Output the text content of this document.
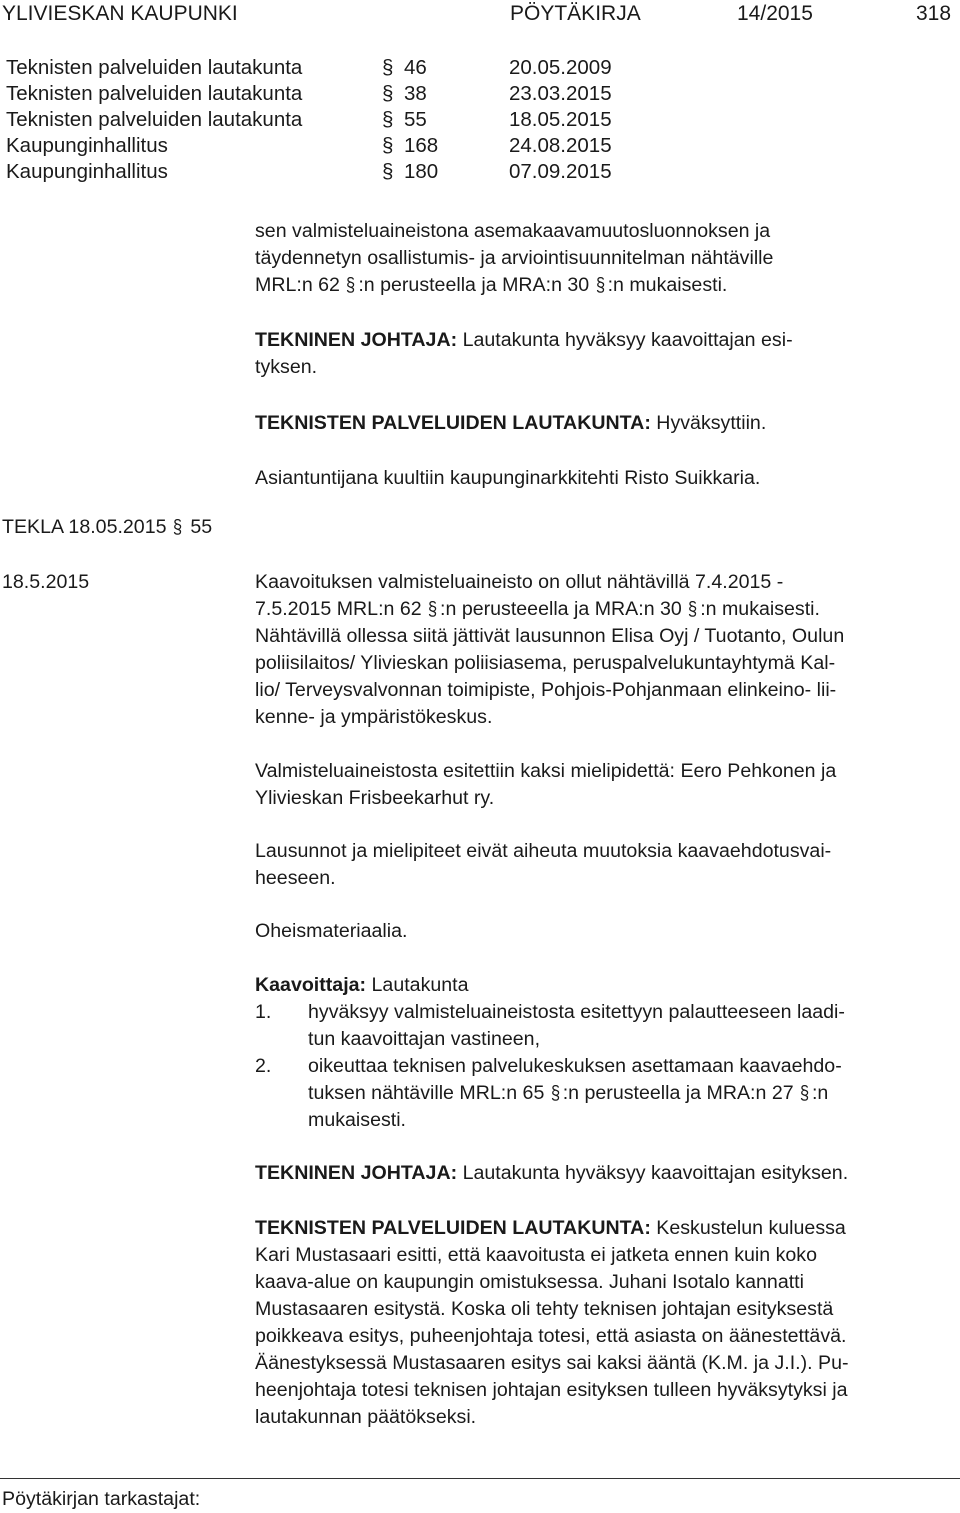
YLIVIESKAN KAUPUNKI	PÖYTÄKIRJA	14/2015	318
Teknisten palveluiden lautakunta	§ 46	20.05.2009
Teknisten palveluiden lautakunta	§ 38	23.03.2015
Teknisten palveluiden lautakunta	§ 55	18.05.2015
Kaupunginhallitus	§ 168	24.08.2015
Kaupunginhallitus	§ 180	07.09.2015
sen valmisteluaineistona asemakaavamuutosluonnoksen ja
täydennetyn osallistumis- ja arviointisuunnitelman nähtäville
MRL:n 62 § :n perusteella ja MRA:n 30 § :n mukaisesti.
TEKNINEN JOHTAJA: Lautakunta hyväksyy kaavoittajan esi-
tyksen.
TEKNISTEN PALVELUIDEN LAUTAKUNTA: Hyväksyttiin.
Asiantuntijana kuultiin kaupunginarkkitehti Risto Suikkaria.
TEKLA 18.05.2015 § 55
18.5.2015	Kaavoituksen valmisteluaineisto on ollut nähtävillä 7.4.2015 -
7.5.2015 MRL:n 62 § :n perusteeella ja MRA:n 30 § :n mukaisesti.
Nähtävillä ollessa siitä jättivät lausunnon Elisa Oyj / Tuotanto, Oulun
poliisilaitos/ Ylivieskan poliisiasema, peruspalvelukuntayhtymä Kal-
lio/ Terveysvalvonnan toimipiste, Pohjois-Pohjanmaan elinkeino- lii-
kenne- ja ympäristökeskus.
Valmisteluaineistosta esitettiin kaksi mielipidettä: Eero Pehkonen ja
Ylivieskan Frisbeekarhut ry.
Lausunnot ja mielipiteet eivät aiheuta muutoksia kaavaehdotusvai-
heeseen.
Oheismateriaalia.
Kaavoittaja: Lautakunta
1. hyväksyy valmisteluaineistosta esitettyyn palautteeseen laadi-
tun kaavoittajan vastineen,
2. oikeuttaa teknisen palvelukeskuksen asettamaan kaavaehdo-
tuksen nähtäville MRL:n 65 § :n perusteella ja MRA:n 27 § :n
mukaisesti.
TEKNINEN JOHTAJA: Lautakunta hyväksyy kaavoittajan esityksen.
TEKNISTEN PALVELUIDEN LAUTAKUNTA: Keskustelun kuluessa
Kari Mustasaari esitti, että kaavoitusta ei jatketa ennen kuin koko
kaava-alue on kaupungin omistuksessa. Juhani Isotalo kannatti
Mustasaaren esitystä. Koska oli tehty teknisen johtajan esityksestä
poikkeava esitys, puheenjohtaja totesi, että asiasta on äänestettävä.
Äänestyksessä Mustasaaren esitys sai kaksi ääntä (K.M. ja J.I.). Pu-
heenjohtaja totesi teknisen johtajan esityksen tulleen hyväksytyksi ja
lautakunnan päätökseksi.
Pöytäkirjan tarkastajat:
